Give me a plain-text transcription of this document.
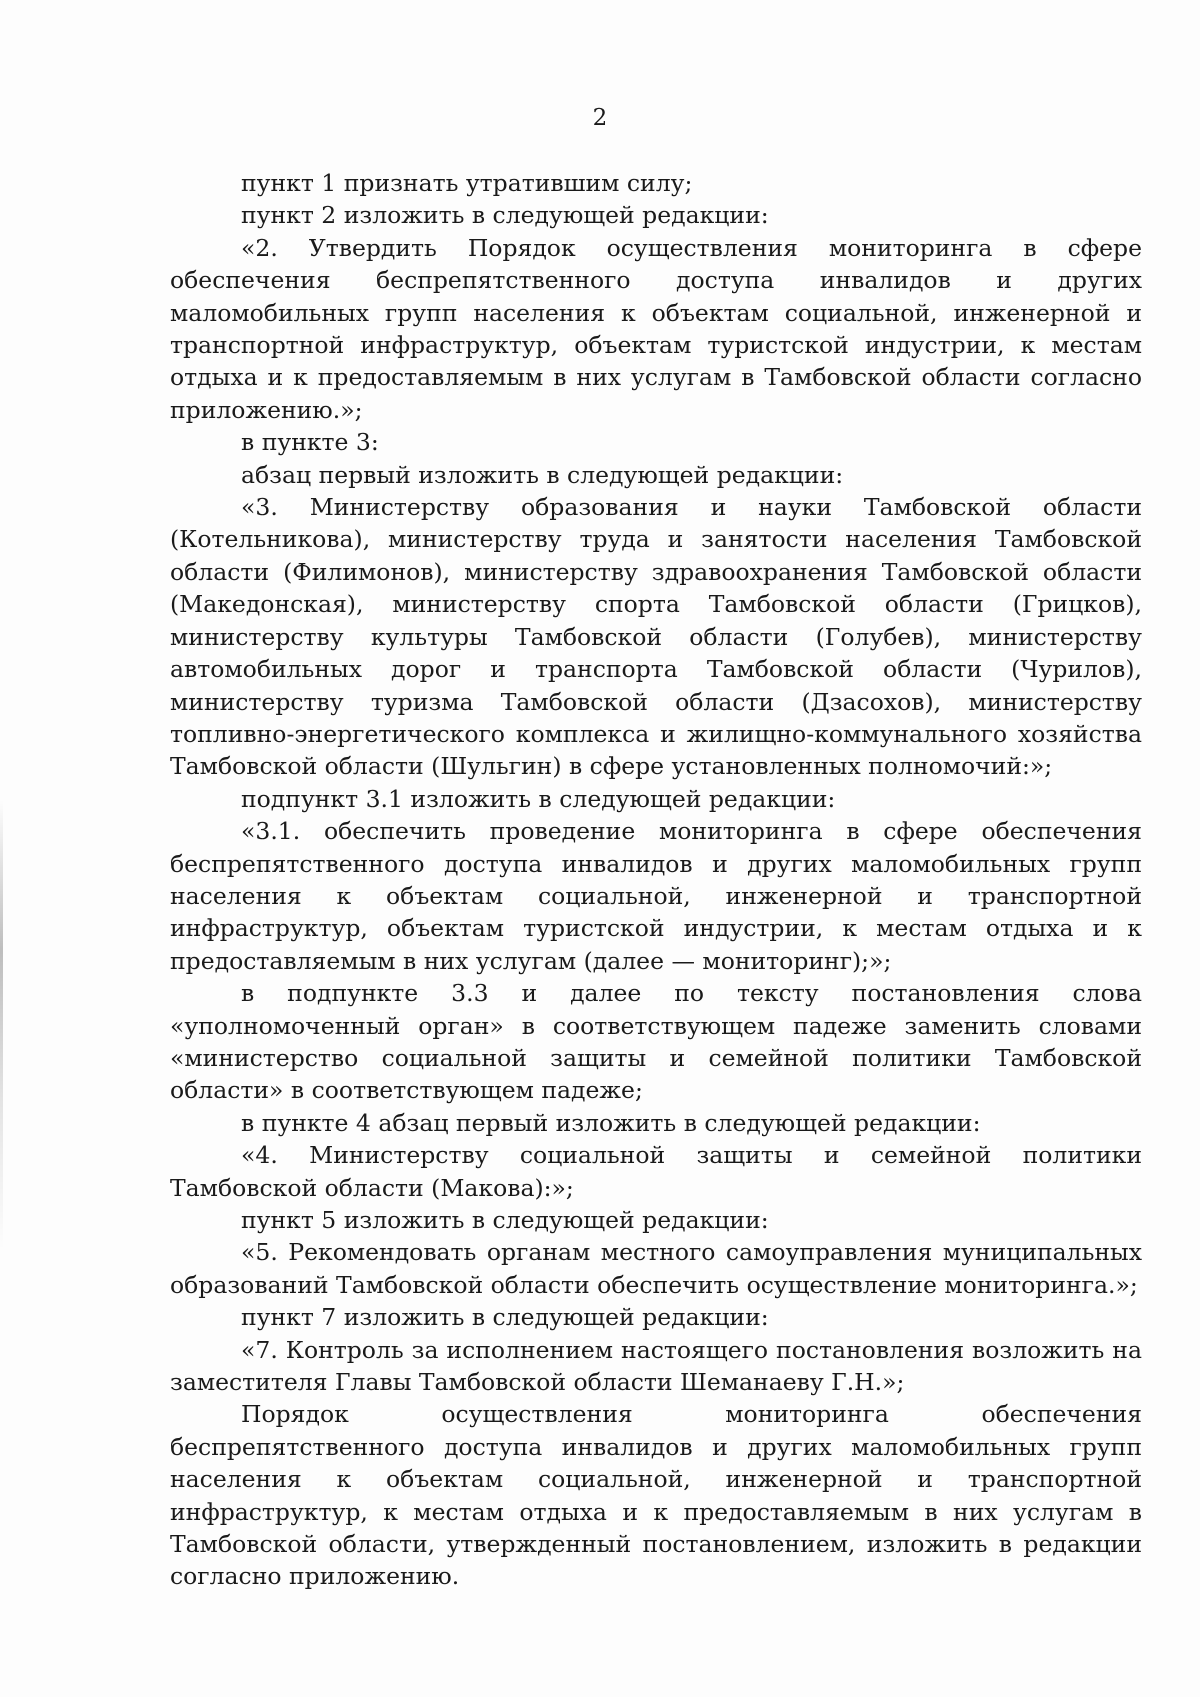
2

пункт 1 признать утратившим силу;

пункт 2 изложить в следующей редакции:

«2. Утвердить Порядок осуществления мониторинга в сфере обеспечения беспрепятственного доступа инвалидов и других маломобильных групп населения к объектам социальной, инженерной и транспортной инфраструктур, объектам туристской индустрии, к местам отдыха и к предоставляемым в них услугам в Тамбовской области согласно приложению.»;

в пункте 3:

абзац первый изложить в следующей редакции:

«3. Министерству образования и науки Тамбовской области (Котельникова), министерству труда и занятости населения Тамбовской области (Филимонов), министерству здравоохранения Тамбовской области (Македонская), министерству спорта Тамбовской области (Грицков), министерству культуры Тамбовской области (Голубев), министерству автомобильных дорог и транспорта Тамбовской области (Чурилов), министерству туризма Тамбовской области (Дзасохов), министерству топливно-энергетического комплекса и жилищно-коммунального хозяйства Тамбовской области (Шульгин) в сфере установленных полномочий:»;

подпункт 3.1 изложить в следующей редакции:

«3.1. обеспечить проведение мониторинга в сфере обеспечения беспрепятственного доступа инвалидов и других маломобильных групп населения к объектам социальной, инженерной и транспортной инфраструктур, объектам туристской индустрии, к местам отдыха и к предоставляемым в них услугам (далее — мониторинг);»;

в подпункте 3.3 и далее по тексту постановления слова «уполномоченный орган» в соответствующем падеже заменить словами «министерство социальной защиты и семейной политики Тамбовской области» в соответствующем падеже;

в пункте 4 абзац первый изложить в следующей редакции:

«4. Министерству социальной защиты и семейной политики Тамбовской области (Макова):»;

пункт 5 изложить в следующей редакции:

«5. Рекомендовать органам местного самоуправления муниципальных образований Тамбовской области обеспечить осуществление мониторинга.»;

пункт 7 изложить в следующей редакции:

«7. Контроль за исполнением настоящего постановления возложить на заместителя Главы Тамбовской области Шеманаеву Г.Н.»;

Порядок осуществления мониторинга обеспечения беспрепятственного доступа инвалидов и других маломобильных групп населения к объектам социальной, инженерной и транспортной инфраструктур, к местам отдыха и к предоставляемым в них услугам в Тамбовской области, утвержденный постановлением, изложить в редакции согласно приложению.
